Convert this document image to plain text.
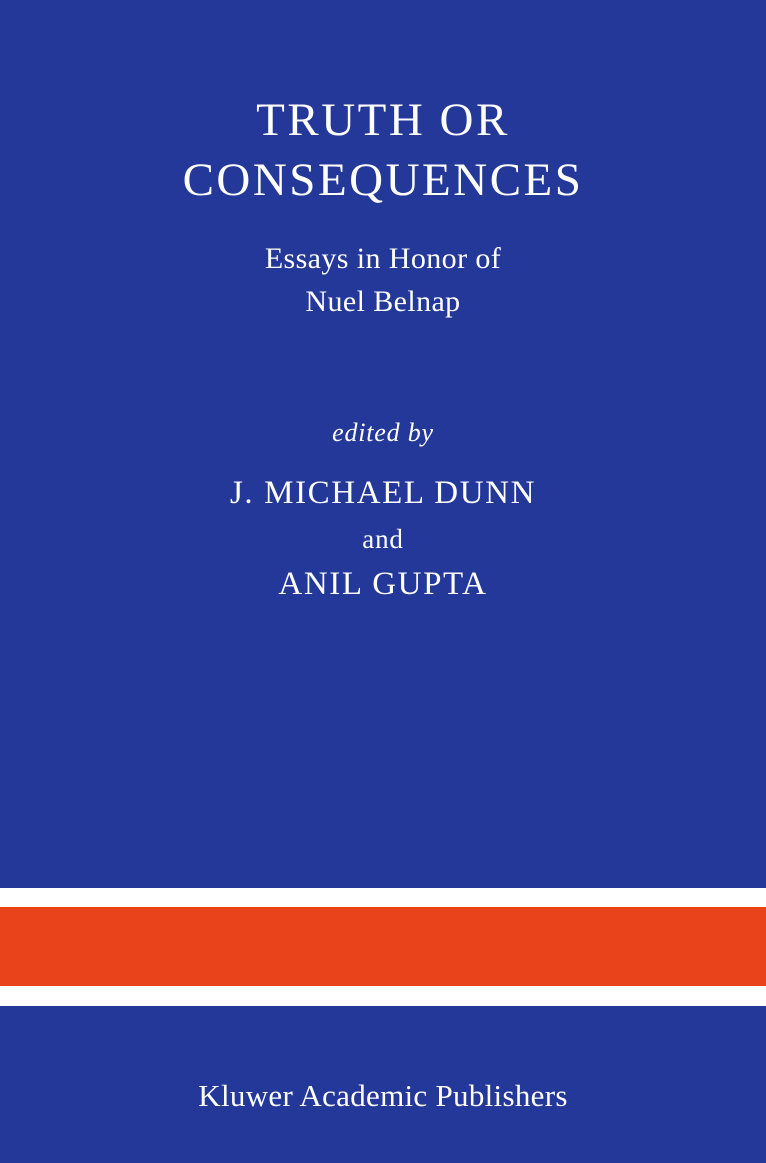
TRUTH OR
CONSEQUENCES
Essays in Honor of
Nuel Belnap
edited by
J. MICHAEL DUNN
and
ANIL GUPTA
Kluwer Academic Publishers
